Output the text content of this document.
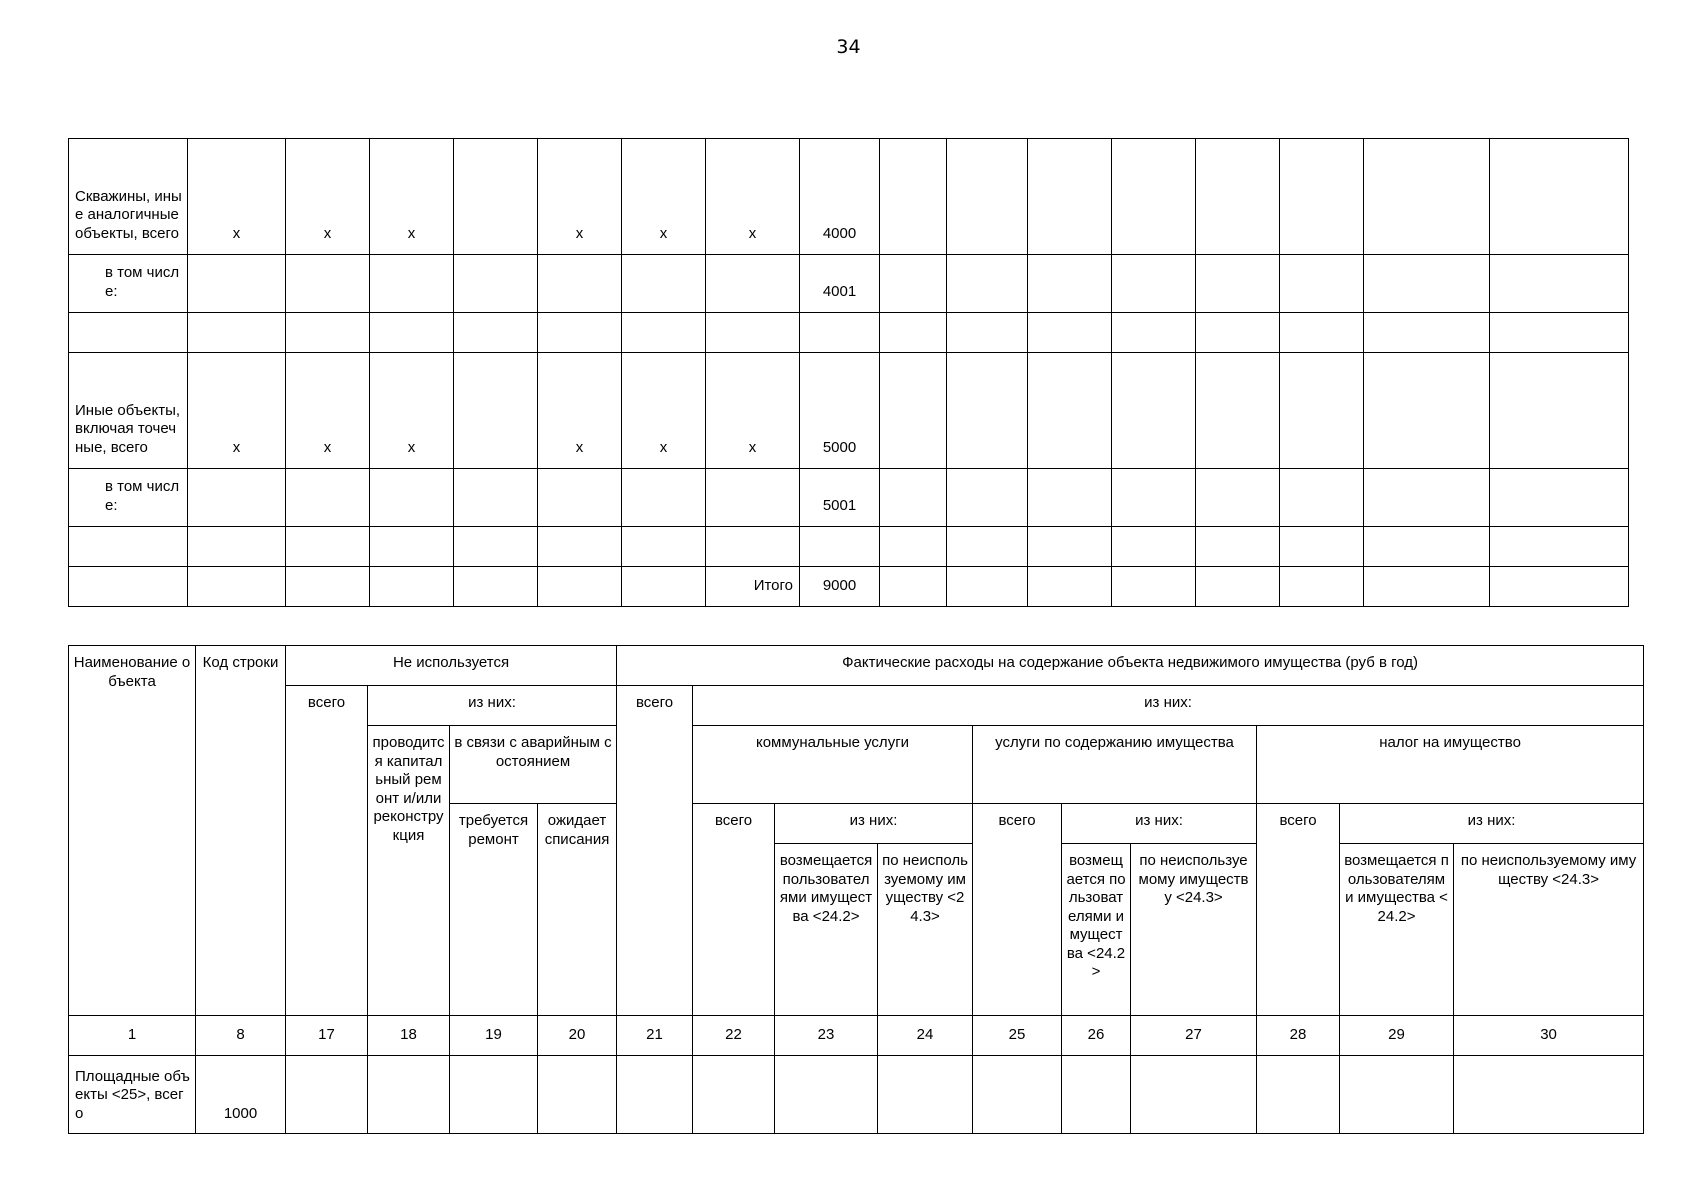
34
Скважины, иные аналогичные объекты, всего	x	x	x		x	x	x	4000									
в том числе:								4001									

Иные объекты, включая точечные, всего	x	x	x		x	x	x	5000									
в том числе:								5001									

							Итого	9000									
Наименование объекта	Код строки	Не используется				Фактические расходы на содержание объекта недвижимого имущества (руб в год)									
		всего	из них:			всего	из них:								
			проводится капитальный ремонт и/или реконструкция	в связи с аварийным состоянием			коммунальные услуги			услуги по содержанию имущества			налог на имущество		
				требуется ремонт	ожидает списания		всего	из них:		всего	из них:		всего	из них:	
								возмещается пользователями имущества <24.2>	по неиспользуемому имуществу <24.3>		возмещается пользователями имущества <24.2>	по неиспользуемому имуществу <24.3>		возмещается пользователями имущества <24.2>	по неиспользуемому имуществу <24.3>

1	8	17	18	19	20	21	22	23	24	25	26	27	28	29	30
Площадные объекты <25>, всего	1000														
